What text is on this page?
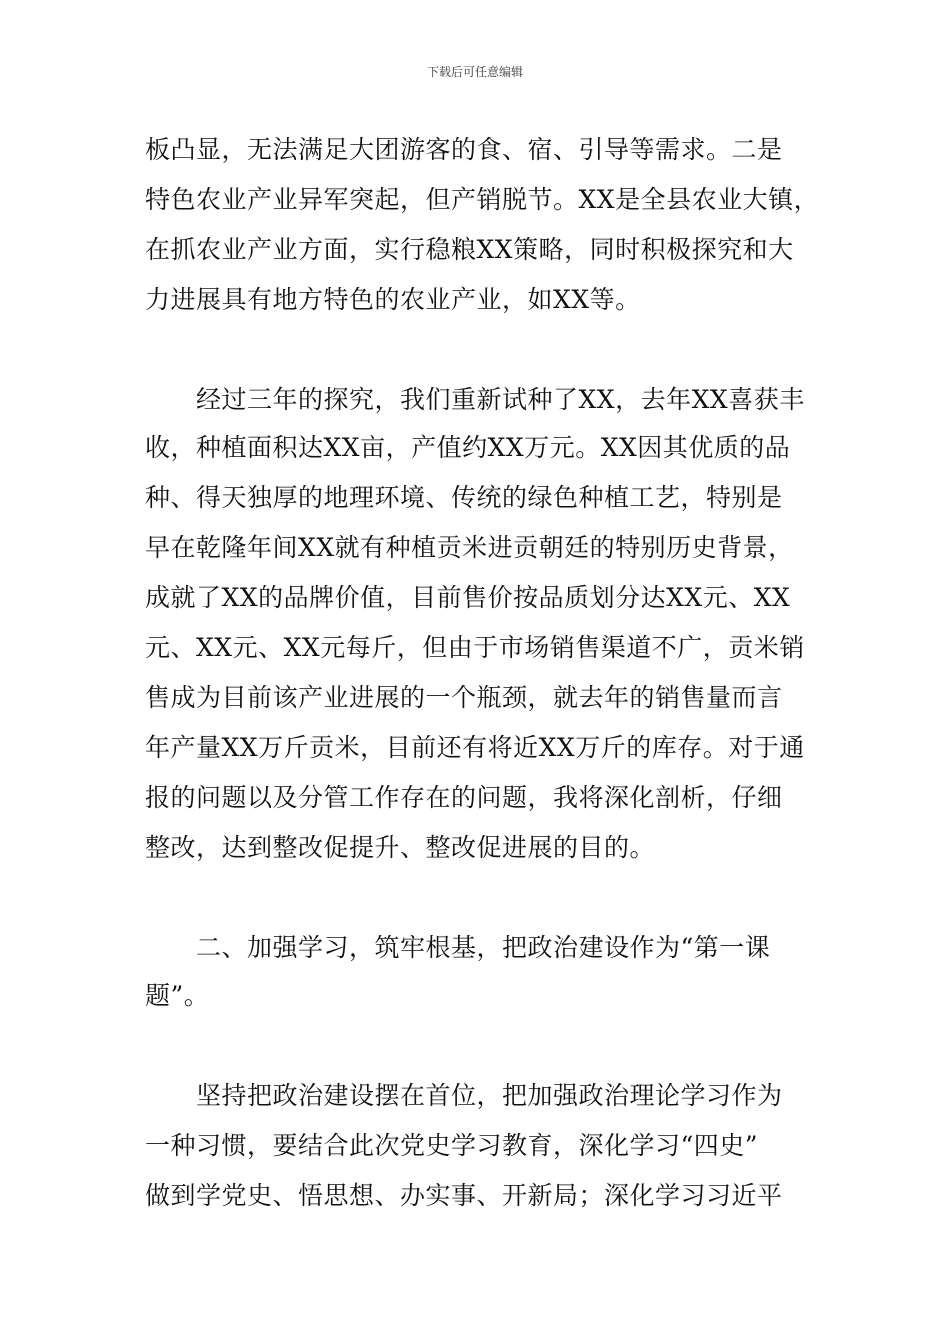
下载后可任意编辑
板凸显，无法满足大团游客的食、宿、引导等需求。二是
特色农业产业异军突起，但产销脱节。XX是全县农业大镇，
在抓农业产业方面，实行稳粮XX策略，同时积极探究和大
力进展具有地方特色的农业产业，如XX等。
　　经过三年的探究，我们重新试种了XX，去年XX喜获丰
收，种植面积达XX亩，产值约XX万元。XX因其优质的品
种、得天独厚的地理环境、传统的绿色种植工艺，特别是
早在乾隆年间XX就有种植贡米进贡朝廷的特别历史背景，
成就了XX的品牌价值，目前售价按品质划分达XX元、XX
元、XX元、XX元每斤，但由于市场销售渠道不广，贡米销
售成为目前该产业进展的一个瓶颈，就去年的销售量而言
年产量XX万斤贡米，目前还有将近XX万斤的库存。对于通
报的问题以及分管工作存在的问题，我将深化剖析，仔细
整改，达到整改促提升、整改促进展的目的。
　　二、加强学习，筑牢根基，把政治建设作为“第一课
题”。
　　坚持把政治建设摆在首位，把加强政治理论学习作为
一种习惯，要结合此次党史学习教育，深化学习“四史”
做到学党史、悟思想、办实事、开新局；深化学习习近平
